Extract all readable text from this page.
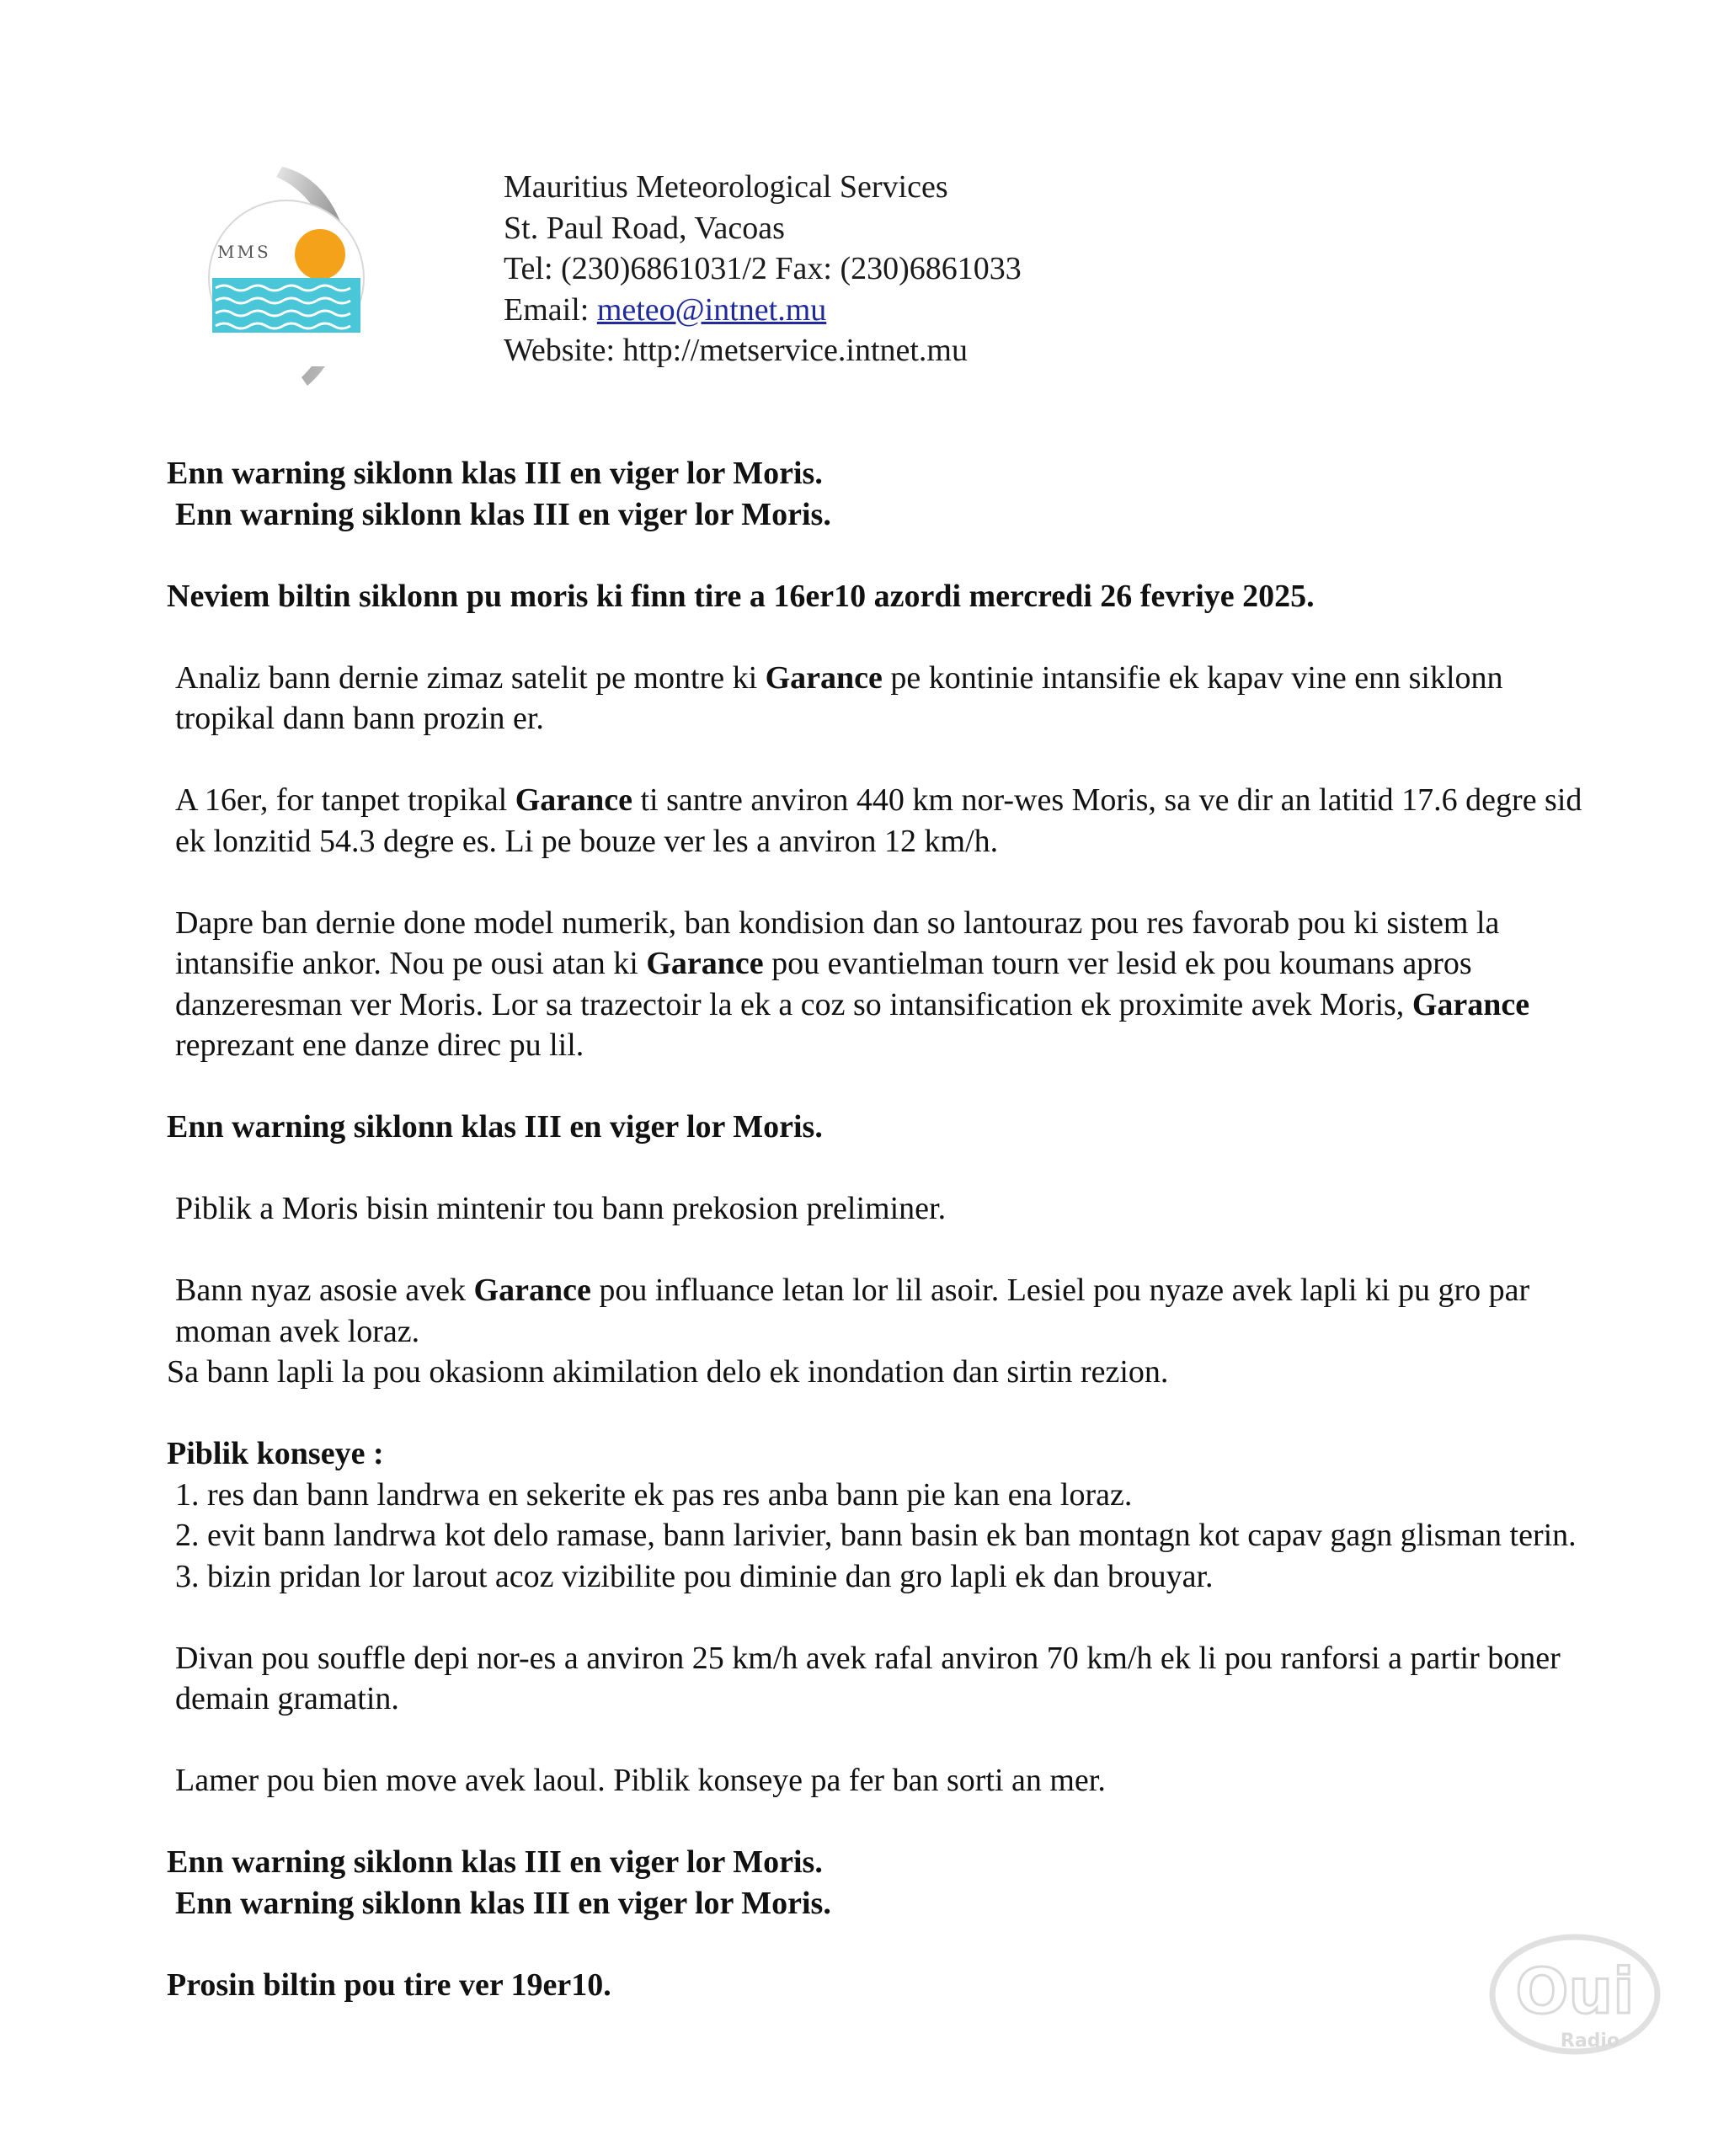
MMS
Mauritius Meteorological Services
St. Paul Road, Vacoas
Tel: (230)6861031/2 Fax: (230)6861033
Email: meteo@intnet.mu
Website: http://metservice.intnet.mu

Enn warning siklonn klas III en viger lor Moris.

Enn warning siklonn klas III en viger lor Moris.

Neviem biltin siklonn pu moris ki finn tire a 16er10 azordi mercredi 26 fevriye 2025.

Analiz bann dernie zimaz satelit pe montre ki Garance pe kontinie intansifie ek kapav vine enn siklonn tropikal dann bann prozin er.

A 16er, for tanpet tropikal Garance ti santre anviron 440 km nor-wes Moris, sa ve dir an latitid 17.6 degre sid ek lonzitid 54.3 degre es. Li pe bouze ver les a anviron 12 km/h.

Dapre ban dernie done model numerik, ban kondision dan so lantouraz pou res favorab pou ki sistem la intansifie ankor. Nou pe ousi atan ki Garance pou evantielman tourn ver lesid ek pou koumans apros danzeresman ver Moris. Lor sa trazectoir la ek a coz so intansification ek proximite avek Moris, Garance reprezant ene danze direc pu lil.

Enn warning siklonn klas III en viger lor Moris.

Piblik a Moris bisin mintenir tou bann prekosion preliminer.

Bann nyaz asosie avek Garance pou influance letan lor lil asoir. Lesiel pou nyaze avek lapli ki pu gro par moman avek loraz.

Sa bann lapli la pou okasionn akimilation delo ek inondation dan sirtin rezion.

Piblik konseye :

1. res dan bann landrwa en sekerite ek pas res anba bann pie kan ena loraz.

2. evit bann landrwa kot delo ramase, bann larivier, bann basin ek ban montagn kot capav gagn glisman terin.

3. bizin pridan lor larout acoz vizibilite pou diminie dan gro lapli ek dan brouyar.

Divan pou souffle depi nor-es a anviron 25 km/h avek rafal anviron 70 km/h ek li pou ranforsi a partir boner demain gramatin.

Lamer pou bien move avek laoul. Piblik konseye pa fer ban sorti an mer.

Enn warning siklonn klas III en viger lor Moris.

Enn warning siklonn klas III en viger lor Moris.

Prosin biltin pou tire ver 19er10.	Oui
Radio
